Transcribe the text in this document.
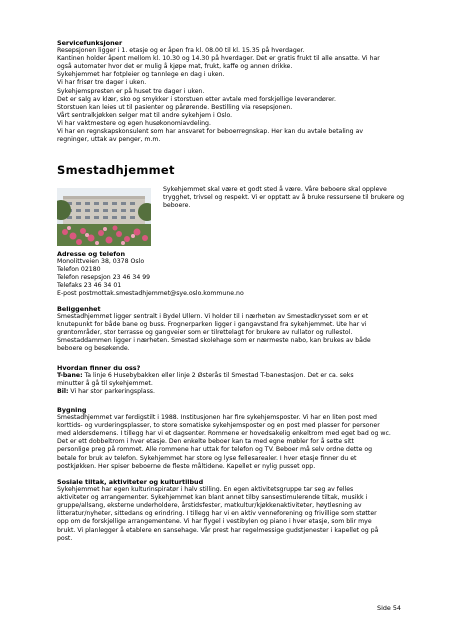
Servicefunksjoner

Resepsjonen ligger i 1. etasje og er åpen fra kl. 08.00 til kl. 15.35 på hverdager.

Kantinen holder åpent mellom kl. 10.30 og 14.30 på hverdager. Det er gratis frukt til alle ansatte. Vi har

også automater hvor det er mulig å kjøpe mat, frukt, kaffe og annen drikke.

Sykehjemmet har fotpleier og tannlege en dag i uken.

Vi har frisør tre dager i uken.

Sykehjemspresten er på huset tre dager i uken.

Det er salg av klær, sko og smykker i storstuen etter avtale med forskjellige leverandører.

Storstuen kan leies ut til pasienter og pårørende. Bestilling via resepsjonen.

Vårt sentralkjøkken selger mat til andre sykehjem i Oslo.

Vi har vaktmestere og egen husøkonomiavdeling.

Vi har en regnskapskonsulent som har ansvaret for beboerregnskap. Her kan du avtale betaling av

regninger, uttak av penger, m.m.

Smestadhjemmet

Sykehjemmet skal være et godt sted å være. Våre beboere skal oppleve

trygghet, trivsel og respekt. Vi er opptatt av å bruke ressursene til brukere og

beboere.

Adresse og telefon

Monolittveien 38, 0378 Oslo

Telefon 02180

Telefon resepsjon 23 46 34 99

Telefaks 23 46 34 01

E-post postmottak.smestadhjemmet@sye.oslo.kommune.no

Beliggenhet

Smestadhjemmet ligger sentralt i Bydel Ullern. Vi holder til i nærheten av Smestadkrysset som er et

knutepunkt for både bane og buss. Frognerparken ligger i gangavstand fra sykehjemmet. Ute har vi

grøntområder, stor terrasse og gangveier som er tilrettelagt for brukere av rullator og rullestol.

Smestaddammen ligger i nærheten. Smestad skolehage som er nærmeste nabo, kan brukes av både

beboere og besøkende.

Hvordan finner du oss?

T-bane: Ta linje 6 Husebybakken eller linje 2 Østerås til Smestad T-banestasjon. Det er ca. seks

minutter å gå til sykehjemmet.

Bil: Vi har stor parkeringsplass.

Bygning

Smestadhjemmet var ferdigstilt i 1988. Institusjonen har fire sykehjemsposter. Vi har en liten post med

korttids- og vurderingsplasser, to store somatiske sykehjemsposter og en post med plasser for personer

med aldersdemens. I tillegg har vi et dagsenter. Rommene er hovedsakelig enkeltrom med eget bad og wc.

Det er ett dobbeltrom i hver etasje. Den enkelte beboer kan ta med egne møbler for å sette sitt

personlige preg på rommet. Alle rommene har uttak for telefon og TV. Beboer må selv ordne dette og

betale for bruk av telefon. Sykehjemmet har store og lyse fellesarealer. I hver etasje finner du et

postkjøkken. Her spiser beboerne de fleste måltidene. Kapellet er nylig pusset opp.

Sosiale tiltak, aktiviteter og kulturtilbud

Sykehjemmet har egen kulturinspiratør i halv stilling. En egen aktivitetsgruppe tar seg av felles

aktiviteter og arrangementer. Sykehjemmet kan blant annet tilby sansestimulerende tiltak, musikk i

gruppe/allsang, eksterne underholdere, årstidsfester, matkultur/kjøkkenaktiviteter, høytlesning av

litteratur/nyheter, sittedans og erindring. I tillegg har vi en aktiv venneforening og frivillige som støtter

opp om de forskjellige arrangementene. Vi har flygel i vestibylen og piano i hver etasje, som blir mye

brukt. Vi planlegger å etablere en sansehage. Vår prest har regelmessige gudstjenester i kapellet og på

post.

Side 54
